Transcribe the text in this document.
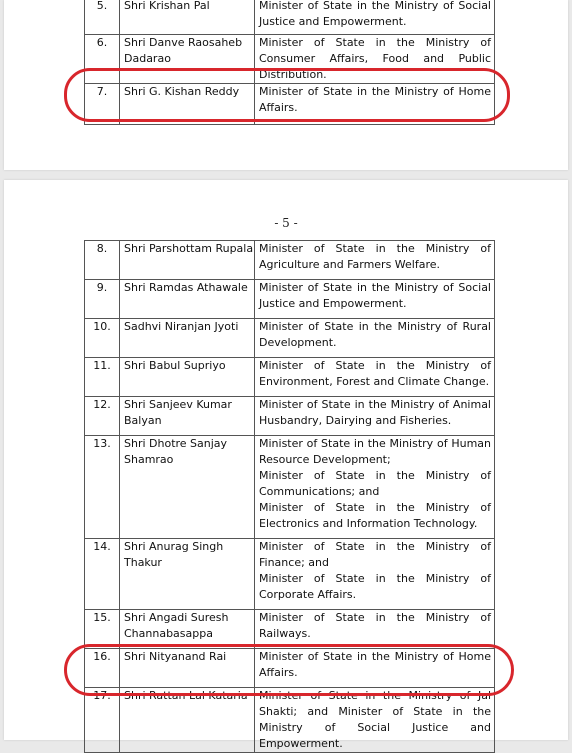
5.	Shri Krishan Pal	Minister of State in the Ministry of Social Justice and Empowerment.

6.	Shri Danve Raosaheb Dadarao	Minister of State in the Ministry of Consumer Affairs, Food and Public Distribution.

7.	Shri G. Kishan Reddy	Minister of State in the Ministry of Home Affairs.
- 5 -
8.	Shri Parshottam Rupala	Minister of State in the Ministry of Agriculture and Farmers Welfare.

9.	Shri Ramdas Athawale	Minister of State in the Ministry of Social Justice and Empowerment.

10.	Sadhvi Niranjan Jyoti	Minister of State in the Ministry of Rural Development.

11.	Shri Babul Supriyo	Minister of State in the Ministry of Environment, Forest and Climate Change.

12.	Shri Sanjeev Kumar Balyan	Minister of State in the Ministry of Animal Husbandry, Dairying and Fisheries.

13.	Shri Dhotre Sanjay Shamrao	Minister of State in the Ministry of Human Resource Development;
Minister of State in the Ministry of Communications; and
Minister of State in the Ministry of Electronics and Information Technology.

14.	Shri Anurag Singh Thakur	Minister of State in the Ministry of Finance; and
Minister of State in the Ministry of Corporate Affairs.

15.	Shri Angadi Suresh Channabasappa	Minister of State in the Ministry of Railways.

16.	Shri Nityanand Rai	Minister of State in the Ministry of Home Affairs.

17.	Shri Rattan Lal Kataria	Minister of State in the Ministry of Jal Shakti; and Minister of State in the Ministry of Social Justice and Empowerment.
